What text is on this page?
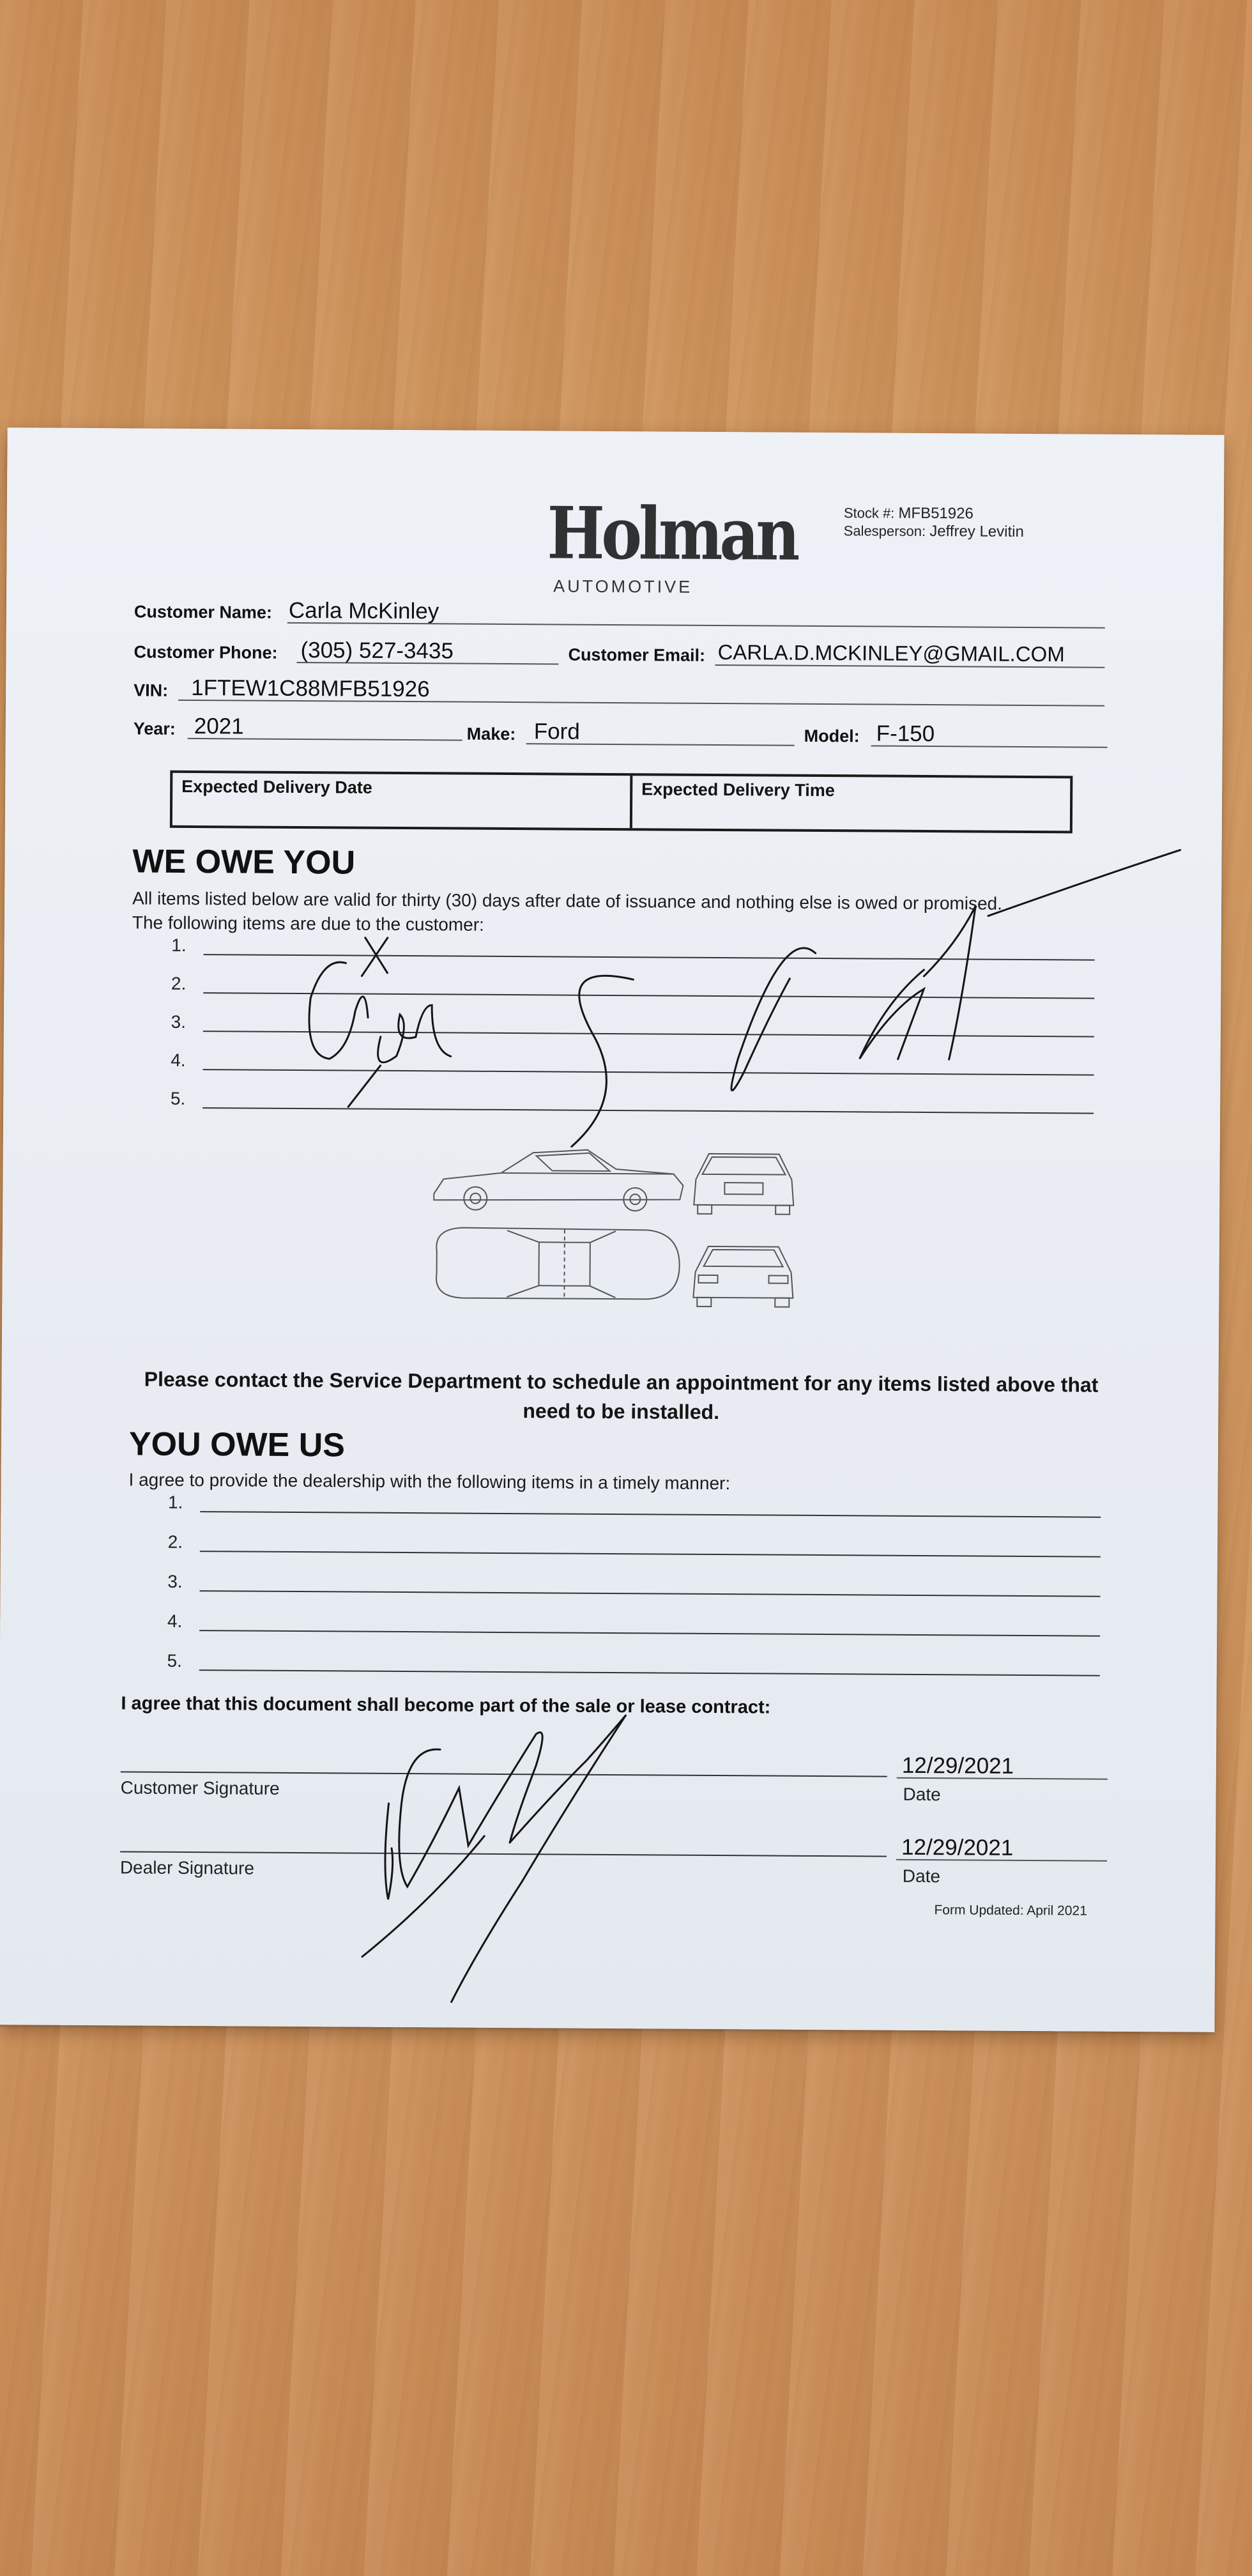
Holman
AUTOMOTIVE
Stock #: MFB51926
Salesperson: Jeffrey Levitin
Customer Name: Carla McKinley
Customer Phone: (305) 527-3435	Customer Email: CARLA.D.MCKINLEY@GMAIL.COM
VIN: 1FTEW1C88MFB51926
Year: 2021	Make: Ford	Model: F-150
Expected Delivery Date	Expected Delivery Time
WE OWE YOU
All items listed below are valid for thirty (30) days after date of issuance and nothing else is owed or promised.
The following items are due to the customer:
1.
2.
3.
4.
5.
Please contact the Service Department to schedule an appointment for any items listed above that
need to be installed.
YOU OWE US
I agree to provide the dealership with the following items in a timely manner:
1.
2.
3.
4.
5.
I agree that this document shall become part of the sale or lease contract:
Customer Signature
12/29/2021
Date
Dealer Signature
12/29/2021
Date
Form Updated: April 2021
